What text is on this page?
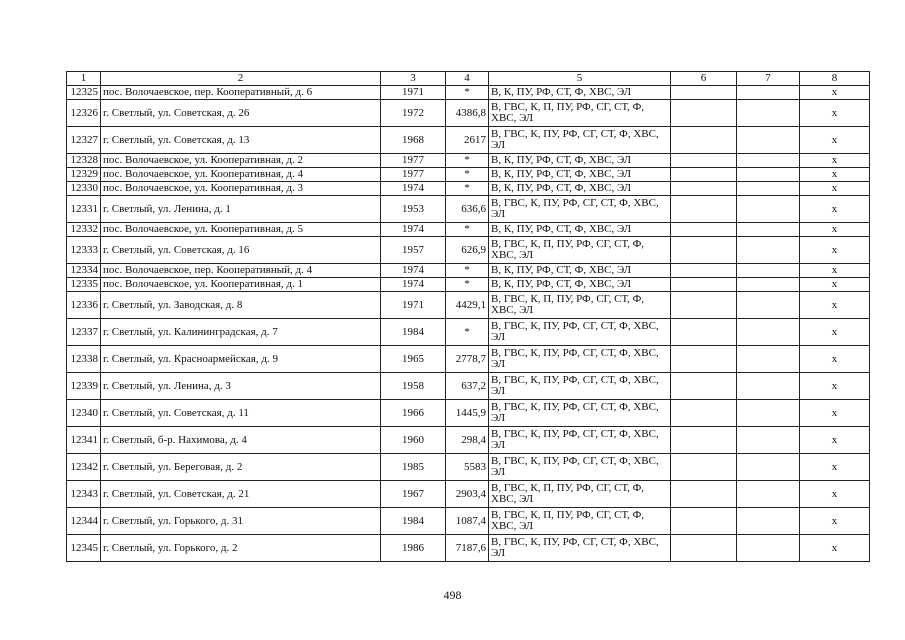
1	2	3	4	5	6	7	8
12325	пос. Волочаевское, пер. Кооперативный, д. 6	1971	*	В, К, ПУ, РФ, СТ, Ф, ХВС, ЭЛ			x
12326	г. Светлый, ул. Советская, д. 26	1972	4386,8	В, ГВС, К, П, ПУ, РФ, СГ, СТ, Ф, ХВС, ЭЛ			x
12327	г. Светлый, ул. Советская, д. 13	1968	2617	В, ГВС, К, ПУ, РФ, СГ, СТ, Ф, ХВС, ЭЛ			x
12328	пос. Волочаевское, ул. Кооперативная, д. 2	1977	*	В, К, ПУ, РФ, СТ, Ф, ХВС, ЭЛ			x
12329	пос. Волочаевское, ул. Кооперативная, д. 4	1977	*	В, К, ПУ, РФ, СТ, Ф, ХВС, ЭЛ			x
12330	пос. Волочаевское, ул. Кооперативная, д. 3	1974	*	В, К, ПУ, РФ, СТ, Ф, ХВС, ЭЛ			x
12331	г. Светлый, ул. Ленина, д. 1	1953	636,6	В, ГВС, К, ПУ, РФ, СГ, СТ, Ф, ХВС, ЭЛ			x
12332	пос. Волочаевское, ул. Кооперативная, д. 5	1974	*	В, К, ПУ, РФ, СТ, Ф, ХВС, ЭЛ			x
12333	г. Светлый, ул. Советская, д. 16	1957	626,9	В, ГВС, К, П, ПУ, РФ, СГ, СТ, Ф, ХВС, ЭЛ			x
12334	пос. Волочаевское, пер. Кооперативный, д. 4	1974	*	В, К, ПУ, РФ, СТ, Ф, ХВС, ЭЛ			x
12335	пос. Волочаевское, ул. Кооперативная, д. 1	1974	*	В, К, ПУ, РФ, СТ, Ф, ХВС, ЭЛ			x
12336	г. Светлый, ул. Заводская, д. 8	1971	4429,1	В, ГВС, К, П, ПУ, РФ, СГ, СТ, Ф, ХВС, ЭЛ			x
12337	г. Светлый, ул. Калининградская, д. 7	1984	*	В, ГВС, К, ПУ, РФ, СГ, СТ, Ф, ХВС, ЭЛ			x
12338	г. Светлый, ул. Красноармейская, д. 9	1965	2778,7	В, ГВС, К, ПУ, РФ, СГ, СТ, Ф, ХВС, ЭЛ			x
12339	г. Светлый, ул. Ленина, д. 3	1958	637,2	В, ГВС, К, ПУ, РФ, СГ, СТ, Ф, ХВС, ЭЛ			x
12340	г. Светлый, ул. Советская, д. 11	1966	1445,9	В, ГВС, К, ПУ, РФ, СГ, СТ, Ф, ХВС, ЭЛ			x
12341	г. Светлый, б-р. Нахимова, д. 4	1960	298,4	В, ГВС, К, ПУ, РФ, СГ, СТ, Ф, ХВС, ЭЛ			x
12342	г. Светлый, ул. Береговая, д. 2	1985	5583	В, ГВС, К, ПУ, РФ, СГ, СТ, Ф, ХВС, ЭЛ			x
12343	г. Светлый, ул. Советская, д. 21	1967	2903,4	В, ГВС, К, П, ПУ, РФ, СГ, СТ, Ф, ХВС, ЭЛ			x
12344	г. Светлый, ул. Горького, д. 31	1984	1087,4	В, ГВС, К, П, ПУ, РФ, СГ, СТ, Ф, ХВС, ЭЛ			x
12345	г. Светлый, ул. Горького, д. 2	1986	7187,6	В, ГВС, К, ПУ, РФ, СГ, СТ, Ф, ХВС, ЭЛ			x
498
